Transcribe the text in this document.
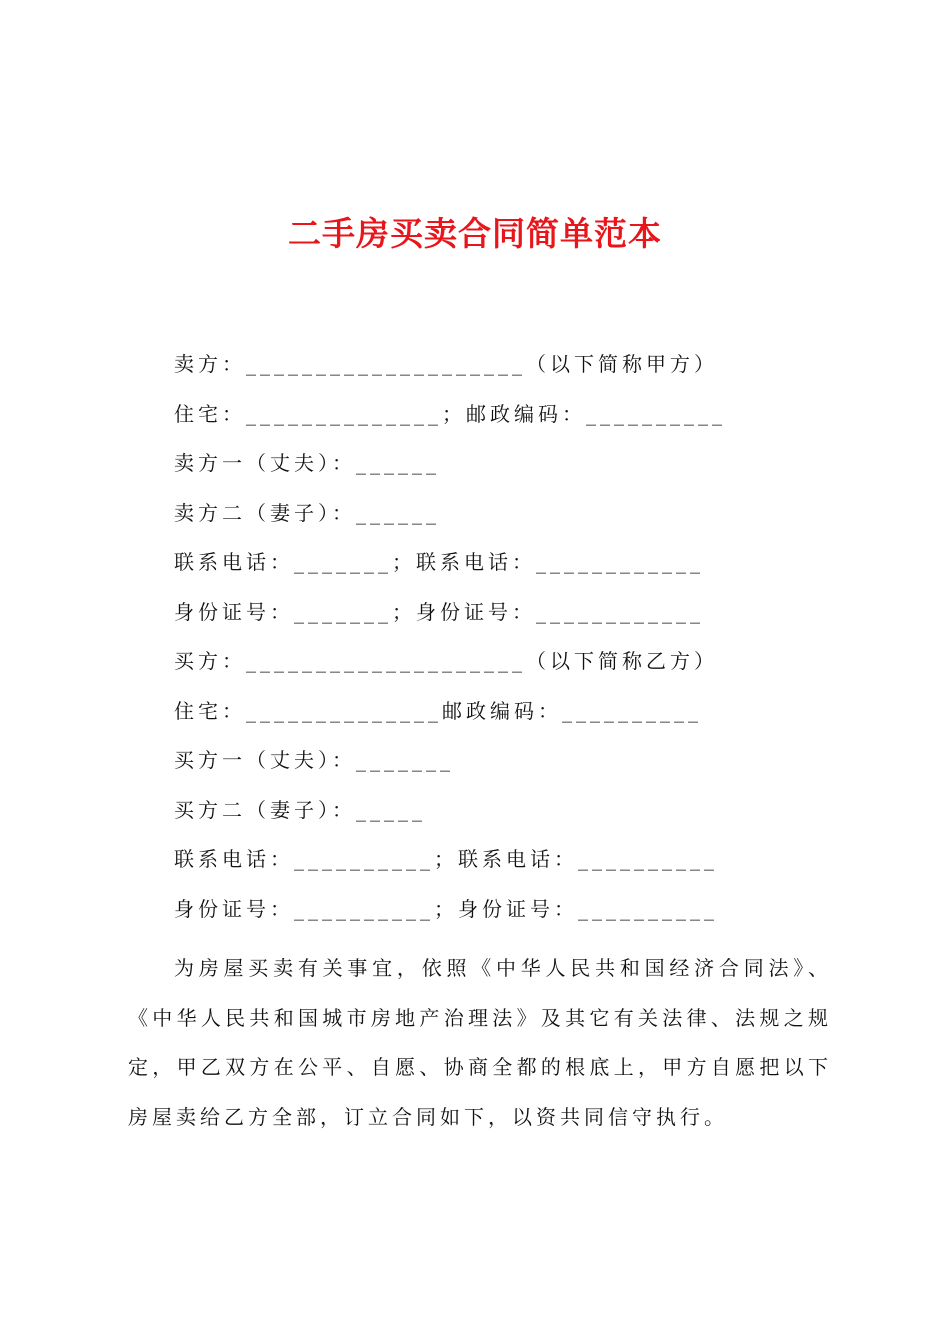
二手房买卖合同简单范本
卖方：____________________（以下简称甲方）
住宅：______________；邮政编码：__________
卖方一（丈夫）：______
卖方二（妻子）：______
联系电话：_______；联系电话：____________
身份证号：_______；身份证号：____________
买方：____________________（以下简称乙方）
住宅：______________邮政编码：__________
买方一（丈夫）：_______
买方二（妻子）：_____
联系电话：__________；联系电话：__________
身份证号：__________；身份证号：__________

为房屋买卖有关事宜，依照《中华人民共和国经济合同法》、《中华人民共和国城市房地产治理法》及其它有关法律、法规之规定，甲乙双方在公平、自愿、协商全都的根底上，甲方自愿把以下房屋卖给乙方全部，订立合同如下，以资共同信守执行。
